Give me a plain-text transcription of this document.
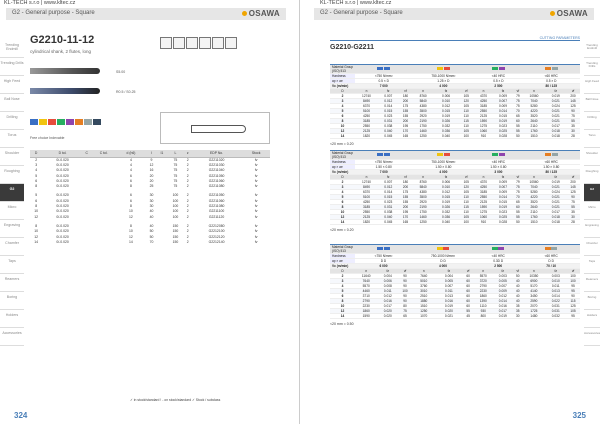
KL-TECH s.r.o | www.kltec.cz
G2 - General purpose - Square	OSAWA
Trending Endmill
Trending Drills
High Feed
Ball Nose
Drilling
Torus
Shoulder
Roughing
G2
Micro
Engraving
Chamfer
Taps
Reamers
Boring
Holders
Accessories
G2210-11-12
cylindrical shank, 2 flutes, long
S5.00
R0.5 / S0.25
Free choice Indexable
D	D tol.	C	C tol.	d (h6)	l	l1	L	z	EDP No.	Stock
2	0/-0.020			4	9		75	2	G2211020	fv
3	0/-0.020			4	12		75	2	G2211030	fv
4	0/-0.020			4	16		75	2	G2211040	fv
5	0/-0.020			6	20		75	2	G2211050	fv
6	0/-0.020			6	20		75	2	G2211060	fv
8	0/-0.020			8	25		75	2	G2211080	fv

5	0/-0.020			6	30		100	2	G2211050	fv
6	0/-0.020			6	30		100	2	G2211060	fv
8	0/-0.020			8	30		100	2	G2211080	fv
10	0/-0.020			10	40		100	2	G2211100	fv
12	0/-0.020			12	40		100	2	G2211120	fv

8	0/-0.020			8	40		150	2	G2212080	fv
10	0/-0.020			10	50		150	2	G2212100	fv
12	0/-0.020			12	50		150	2	G2212120	fv
14	0/-0.020			14	70		150	2	G2212140	fv
✓ in stock/standard ! - on stock/standard ✓ Stock / subclass
324
KL-TECH s.r.o | www.kltec.cz
G2 - General purpose - Square	OSAWA
CUTTING PARAMETERS
G2210-G2211
Material Group (ISO) 513												
Hardness	<750 N/mm²			750-1000 N/mm²			<40 HRC			<60 HRC		
ap × ae	0.5 × D			1.25 × D			0.5 × D			0.5 × D		
Vc (m/min)	7 000			4 000			2 500			80 / 125		
D	n	fz	vf	n	fz	vf	n	fz	vf	n	fz	vf
2	12740	0.007	180	8760	0.006	105	4370	0.009	79	10560	0.019	200
3	8490	0.012	200	5840	0.010	120	4250	0.007	75	7040	0.021	145
4	6370	0.014	175	4380	0.012	105	3185	0.009	75	5280	0.024	125
5	5100	0.015	155	3500	0.015	110	2550	0.014	70	4220	0.021	90
6	4250	0.023	155	2920	0.019	110	2125	0.015	65	3520	0.021	75
8	3185	0.031	200	2190	0.026	115	1590	0.019	60	2640	0.021	55
10	2550	0.038	195	1750	0.032	110	1275	0.023	55	2110	0.017	35
12	2125	0.040	170	1460	0.036	105	1060	0.025	55	1760	0.018	30
14	1820	0.045	165	1250	0.040	100	910	0.028	50	1510	0.018	28
<20 mm = 0.20
Material Group (ISO) 513												
Hardness	<750 N/mm²			750-1000 N/mm²			<40 HRC			<60 HRC		
ap × ae	1.50 × 0.80			1.50 × 0.80			1.50 × 0.80			1.50 × 0.80		
Vc (m/min)	7 000			4 000			3 000			80 / 125		
D	n	fz	vf	n	fz	vf	n	fz	vf	n	fz	vf
2	12740	0.007	180	8760	0.006	105	4370	0.009	79	10560	0.019	200
3	8490	0.012	200	5840	0.010	120	4250	0.007	75	7040	0.021	145
4	6370	0.014	175	4380	0.012	105	3185	0.009	75	5280	0.024	125
5	5100	0.015	155	3500	0.015	110	2550	0.014	70	4220	0.021	90
6	4250	0.023	155	2920	0.019	110	2125	0.015	65	3520	0.021	75
8	3185	0.031	200	2190	0.026	115	1590	0.019	60	2640	0.021	55
10	2550	0.038	195	1750	0.032	110	1275	0.023	55	2110	0.017	35
12	2125	0.040	170	1460	0.036	105	1060	0.025	55	1760	0.018	30
14	1820	0.045	165	1250	0.040	100	910	0.028	50	1510	0.018	28
<20 mm = 0.20
Material Group (ISO) 513												
Hardness	<750 N/mm²			750-1000 N/mm²			<40 HRC			<60 HRC		
ap × ae	D D			D D			0.3D D			D D		
Vc (m/min)	6 000			4 000			2 500			70 / 10		
D	n	fz	vf	n	fz	vf	n	fz	vf	n	fz	vf
2	11640	0.004	90	7640	0.004	60	5570	0.003	50	10350	0.003	100
3	7640	0.006	90	5010	0.005	60	3720	0.005	40	6900	0.010	100
4	5570	0.008	90	3760	0.007	60	2790	0.007	40	5170	0.011	95
5	4460	0.011	100	3010	0.011	60	2230	0.009	40	4140	0.013	95
6	3710	0.012	90	2510	0.013	60	1860	0.012	40	3450	0.014	90
8	2790	0.016	90	1880	0.016	60	1390	0.014	40	2590	0.022	115
10	2230	0.017	80	1510	0.019	60	1110	0.016	35	2070	0.031	125
12	1860	0.020	75	1250	0.020	55	930	0.017	35	1725	0.031	105
14	1590	0.020	65	1070	0.021	45	800	0.019	30	1480	0.032	95
<20 mm = 0.50
Trending Endmill
Trending Drills
High Feed
Ball Nose
Drilling
Torus
Shoulder
Roughing
G2
Micro
Engraving
Chamfer
Taps
Reamers
Boring
Holders
Accessories
325
